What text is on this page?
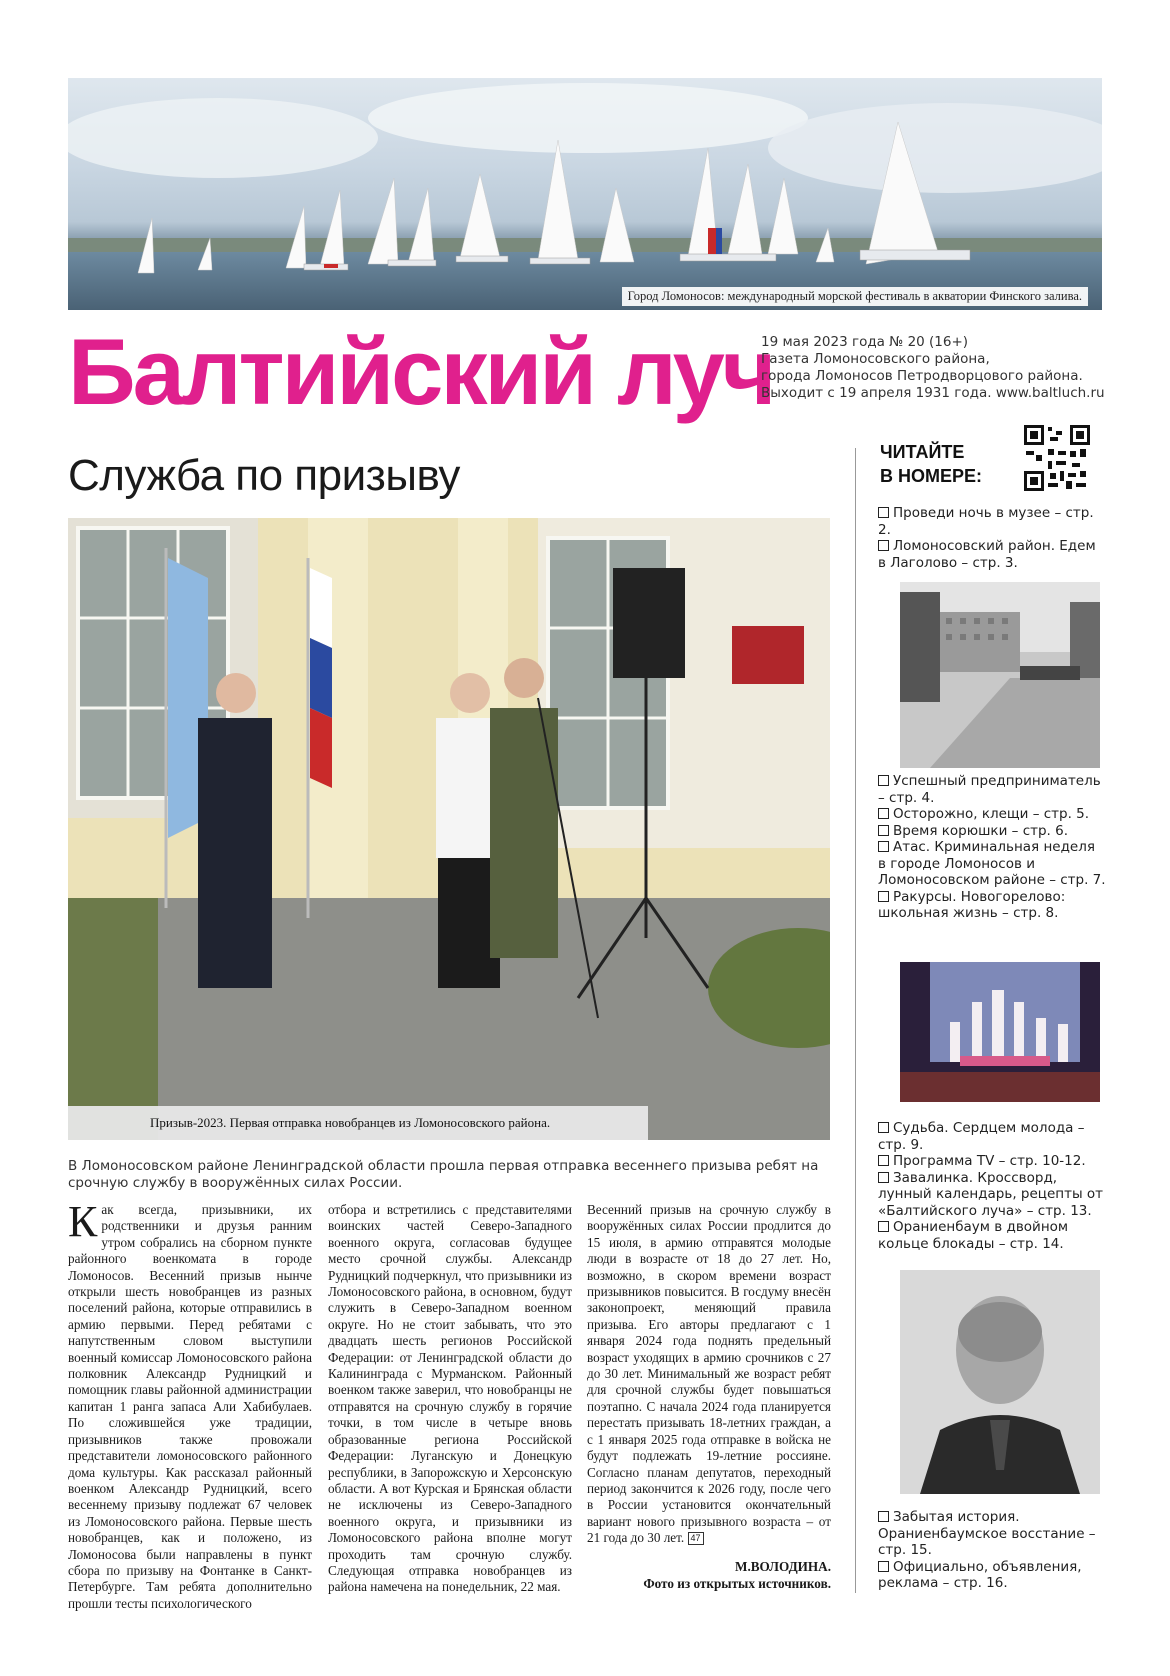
Город Ломоносов: международный морской фестиваль в акватории Финского залива.
Балтийский луч
19 мая 2023 года № 20 (16+)
Газета Ломоносовского района,
города Ломоносов Петродворцового района.
Выходит с 19 апреля 1931 года. www.baltluch.ru
Служба по призыву
Призыв-2023. Первая отправка новобранцев из Ломоносовского района.
В Ломоносовском районе Ленинградской области прошла первая отправка весеннего призыва ребят на срочную службу в вооружённых силах России.
Как всегда, призывники, их родственники и друзья ранним утром собрались на сборном пункте районного военкомата в городе Ломоносов. Весенний призыв нынче открыли шесть новобранцев из разных поселений района, которые отправились в армию первыми. Перед ребятами с напутственным словом выступили военный комиссар Ломоносовского района полковник Александр Рудницкий и помощник главы районной администрации капитан 1 ранга запаса Али Хабибулаев. По сложившейся уже традиции, призывников также провожали представители ломоносовского районного дома культуры. Как рассказал районный военком Александр Рудницкий, всего весеннему призыву подлежат 67 человек из Ломоносовского района. Первые шесть новобранцев, как и положено, из Ломоносова были направлены в пункт сбора по призыву на Фонтанке в Санкт-Петербурге. Там ребята дополнительно прошли тесты психологического
отбора и встретились с представителями воинских частей Северо-Западного военного округа, согласовав будущее место срочной службы. Александр Рудницкий подчеркнул, что призывники из Ломоносовского района, в основном, будут служить в Северо-Западном военном округе. Но не стоит забывать, что это двадцать шесть регионов Российской Федерации: от Ленинградской области до Калининграда с Мурманском. Районный военком также заверил, что новобранцы не отправятся на срочную службу в горячие точки, в том числе в четыре вновь образованные региона Российской Федерации: Луганскую и Донецкую республики, в Запорожскую и Херсонскую области. А вот Курская и Брянская области не исключены из Северо-Западного военного округа, и призывники из Ломоносовского района вполне могут проходить там срочную службу. Следующая отправка новобранцев из района намечена на понедельник, 22 мая.
Весенний призыв на срочную службу в вооружённых силах России продлится до 15 июля, в армию отправятся молодые люди в возрасте от 18 до 27 лет. Но, возможно, в скором времени возраст призывников повысится. В госдуму внесён законопроект, меняющий правила призыва. Его авторы предлагают с 1 января 2024 года поднять предельный возраст уходящих в армию срочников с 27 до 30 лет. Минимальный же возраст ребят для срочной службы будет повышаться поэтапно. С начала 2024 года планируется перестать призывать 18-летних граждан, а с 1 января 2025 года отправке в войска не будут подлежать 19-летние россияне. Согласно планам депутатов, переходный период закончится к 2026 году, после чего в России установится окончательный вариант нового призывного возраста – от 21 года до 30 лет. 47
М.ВОЛОДИНА.
Фото из открытых источников.
ЧИТАЙТЕ
В НОМЕРЕ:
Проведи ночь в музее – стр. 2.
Ломоносовский район. Едем в Лаголово – стр. 3.
Успешный предприниматель – стр. 4.
Осторожно, клещи – стр. 5.
Время корюшки – стр. 6.
Атас. Криминальная неделя в городе Ломоносов и Ломоносовском районе – стр. 7.
Ракурсы. Новогорелово: школьная жизнь – стр. 8.
Судьба. Сердцем молода – стр. 9.
Программа TV – стр. 10-12.
Завалинка. Кроссворд, лунный календарь, рецепты от «Балтийского луча» – стр. 13.
Ораниенбаум в двойном кольце блокады – стр. 14.
Забытая история. Ораниенбаумское восстание – стр. 15.
Официально, объявления, реклама – стр. 16.
